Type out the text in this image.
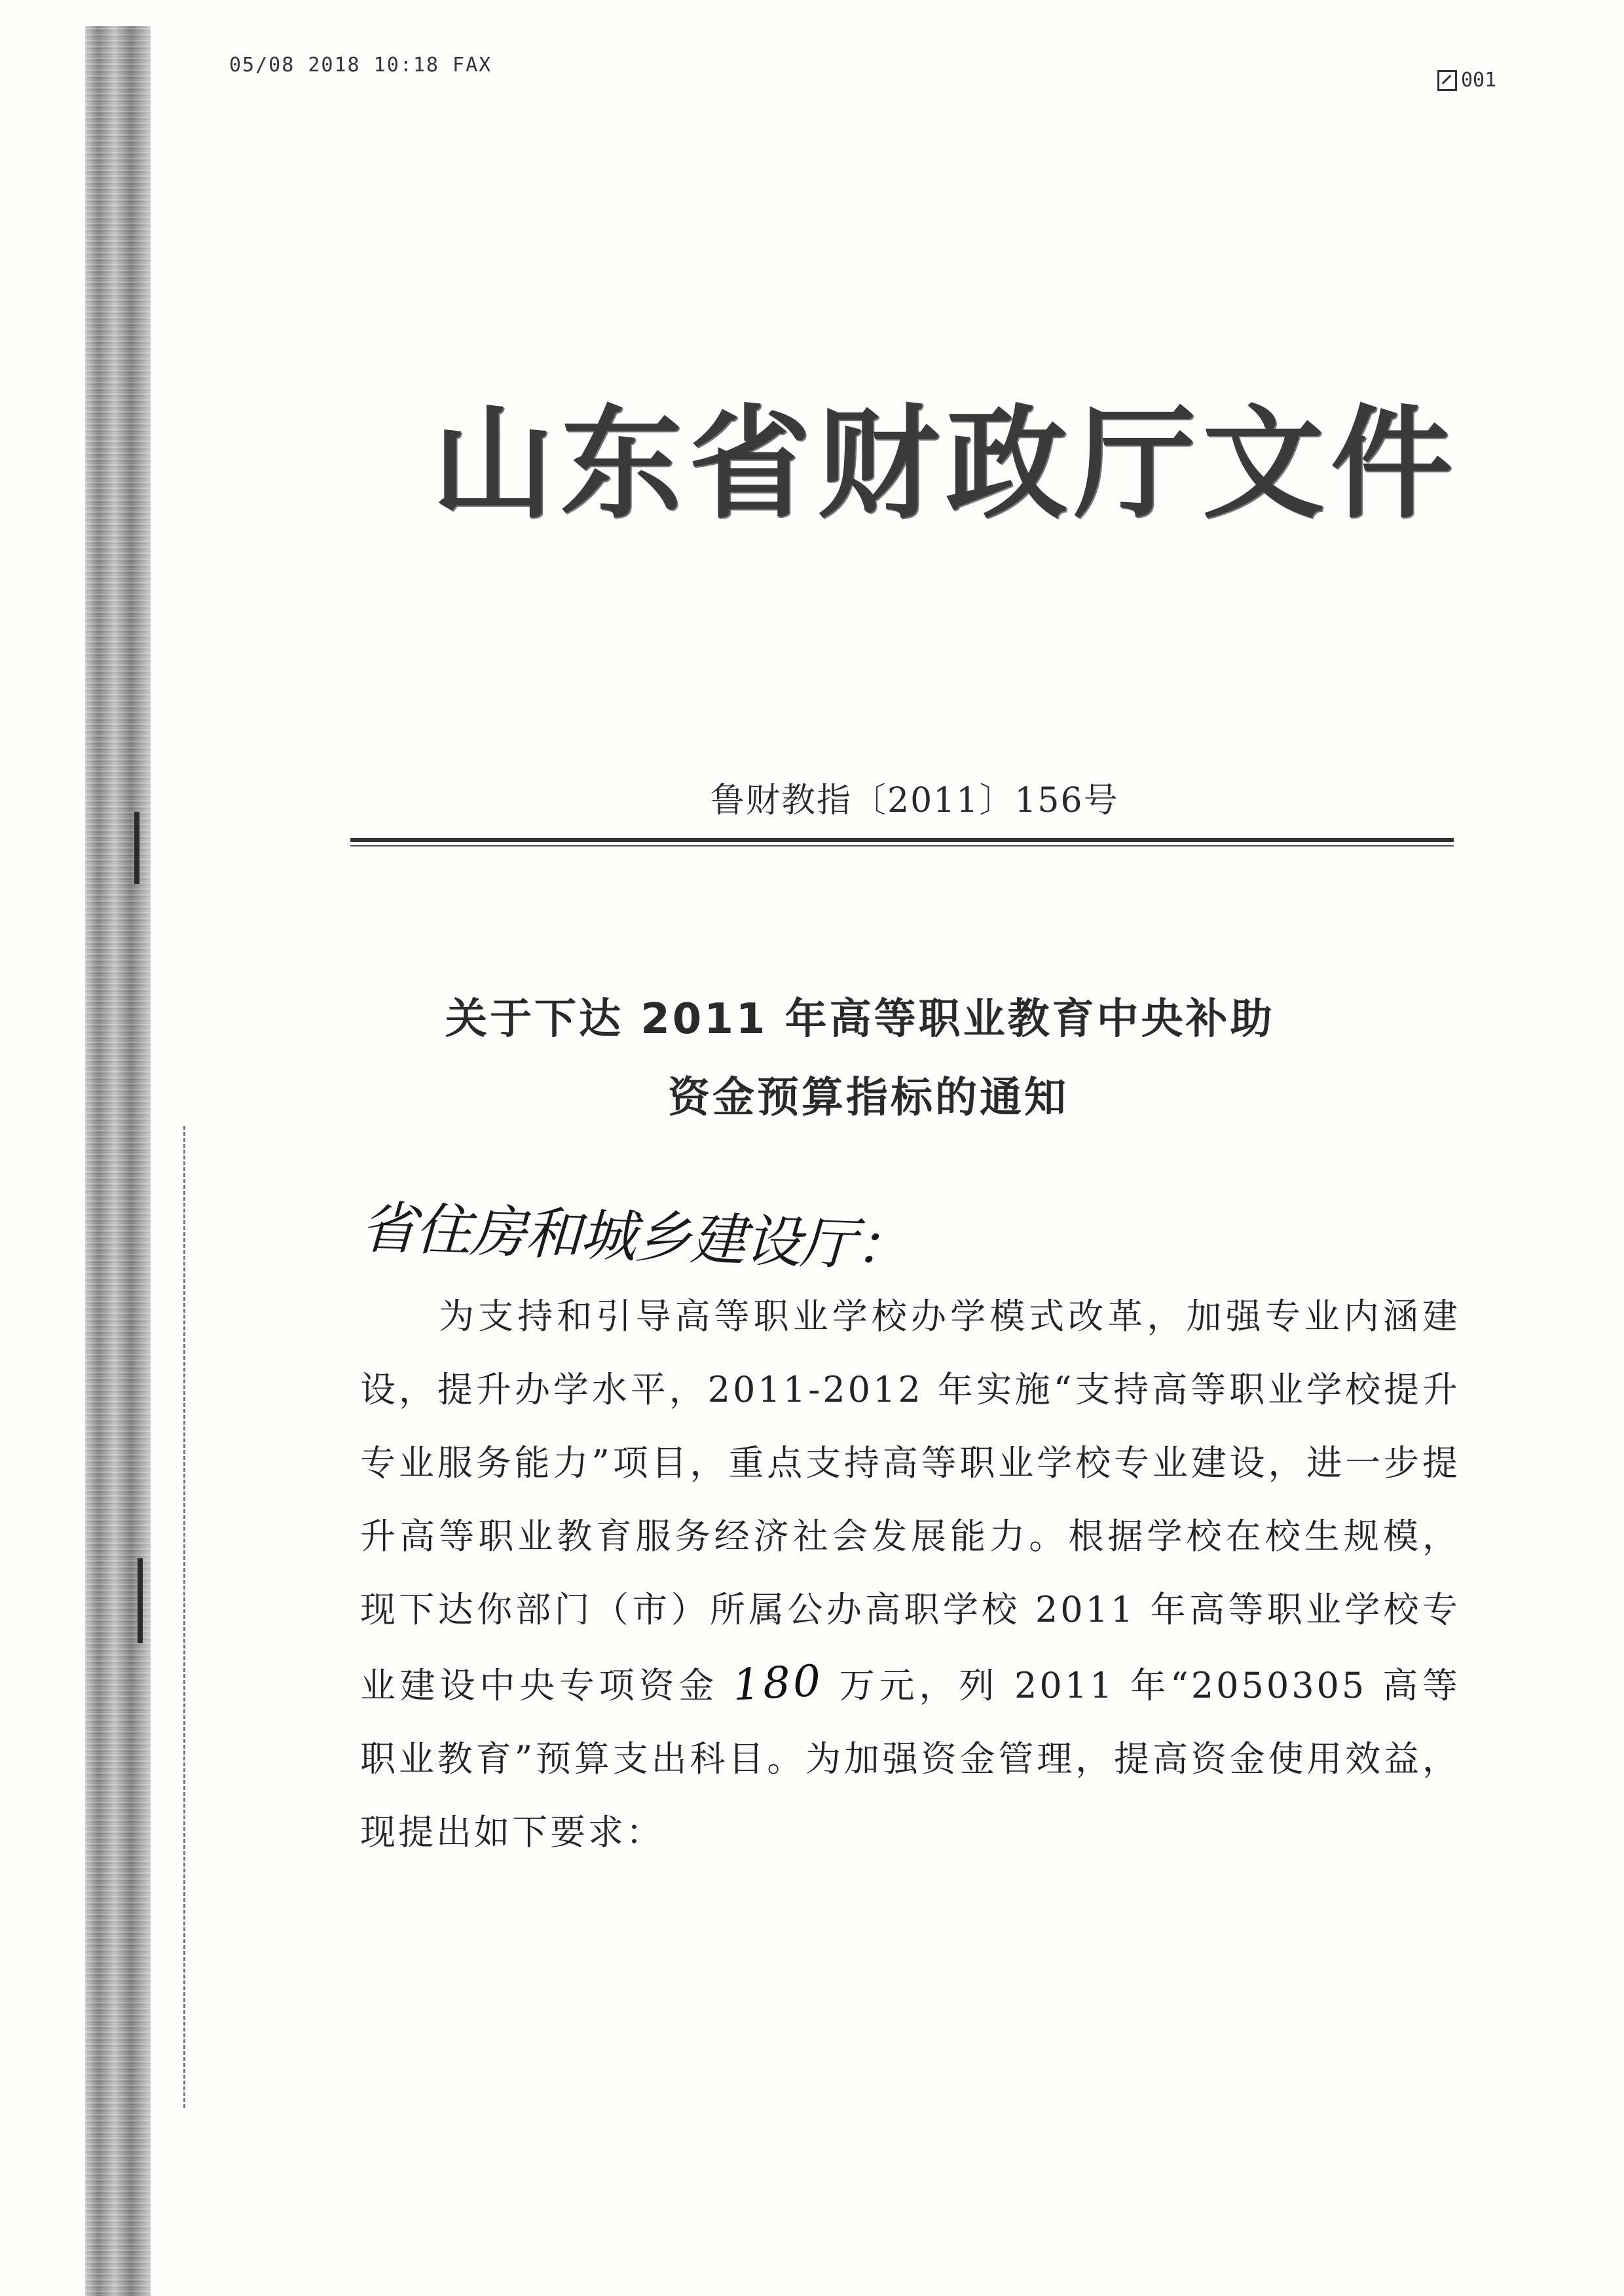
05/08 2018 10:18 FAX
001
山东省财政厅文件
鲁财教指〔2011〕156号
关于下达 2011 年高等职业教育中央补助
资金预算指标的通知
省住房和城乡建设厅：
为支持和引导高等职业学校办学模式改革，加强专业内涵建设，提升办学水平，2011-2012 年实施“支持高等职业学校提升专业服务能力”项目，重点支持高等职业学校专业建设，进一步提升高等职业教育服务经济社会发展能力。根据学校在校生规模，现下达你部门（市）所属公办高职学校 2011 年高等职业学校专业建设中央专项资金 180 万元，列 2011 年“2050305 高等职业教育”预算支出科目。为加强资金管理，提高资金使用效益，现提出如下要求：
